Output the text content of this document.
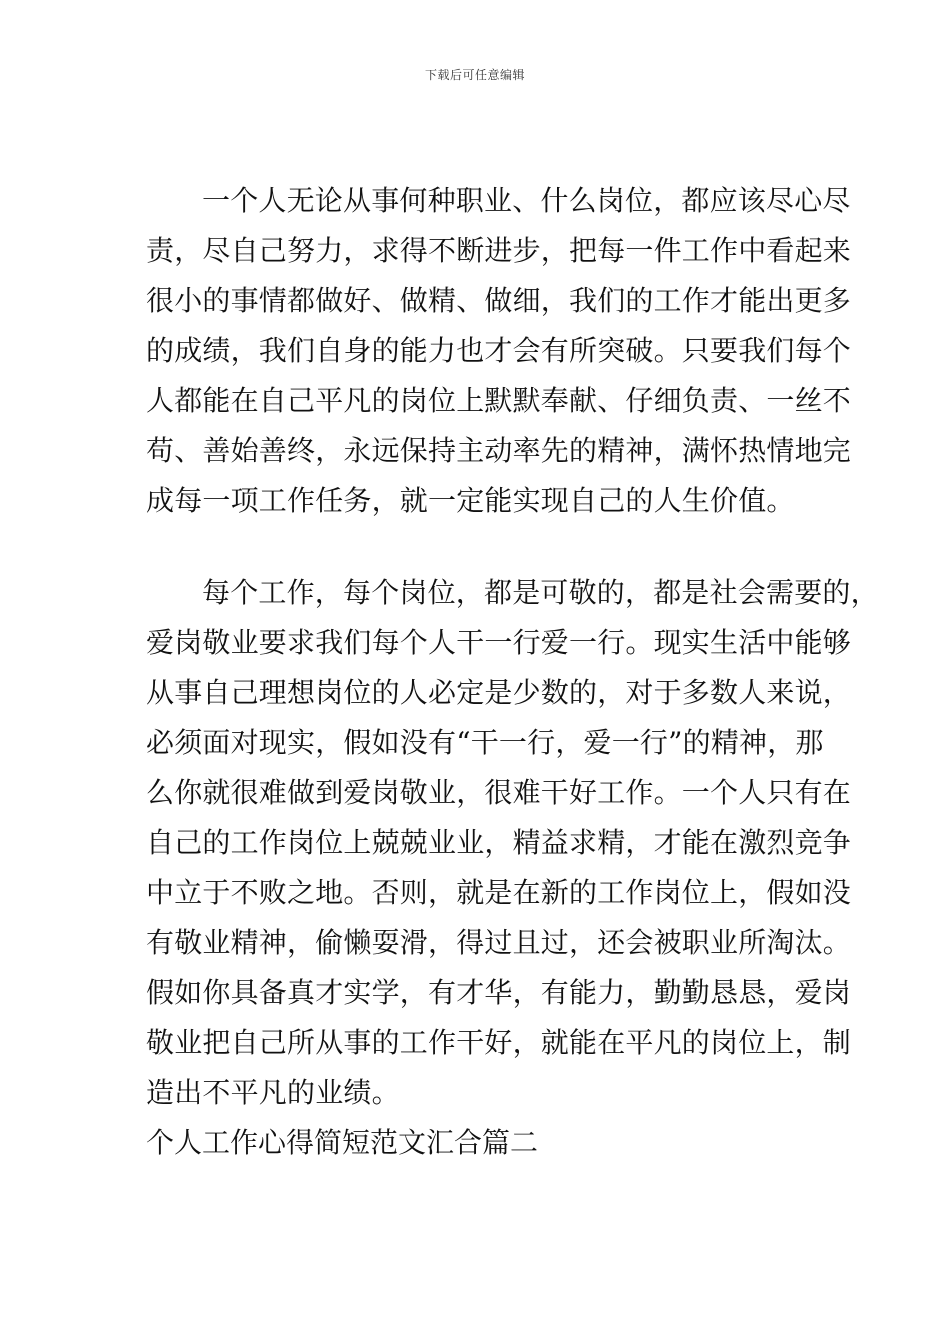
下载后可任意编辑
一个人无论从事何种职业、什么岗位，都应该尽心尽
责，尽自己努力，求得不断进步，把每一件工作中看起来
很小的事情都做好、做精、做细，我们的工作才能出更多
的成绩，我们自身的能力也才会有所突破。只要我们每个
人都能在自己平凡的岗位上默默奉献、仔细负责、一丝不
苟、善始善终，永远保持主动率先的精神，满怀热情地完
成每一项工作任务，就一定能实现自己的人生价值。
每个工作，每个岗位，都是可敬的，都是社会需要的，
爱岗敬业要求我们每个人干一行爱一行。现实生活中能够
从事自己理想岗位的人必定是少数的，对于多数人来说，
必须面对现实，假如没有“干一行，爱一行”的精神，那
么你就很难做到爱岗敬业，很难干好工作。一个人只有在
自己的工作岗位上兢兢业业，精益求精，才能在激烈竞争
中立于不败之地。否则，就是在新的工作岗位上，假如没
有敬业精神，偷懒耍滑，得过且过，还会被职业所淘汰。
假如你具备真才实学，有才华，有能力，勤勤恳恳，爱岗
敬业把自己所从事的工作干好，就能在平凡的岗位上，制
造出不平凡的业绩。
个人工作心得简短范文汇合篇二
